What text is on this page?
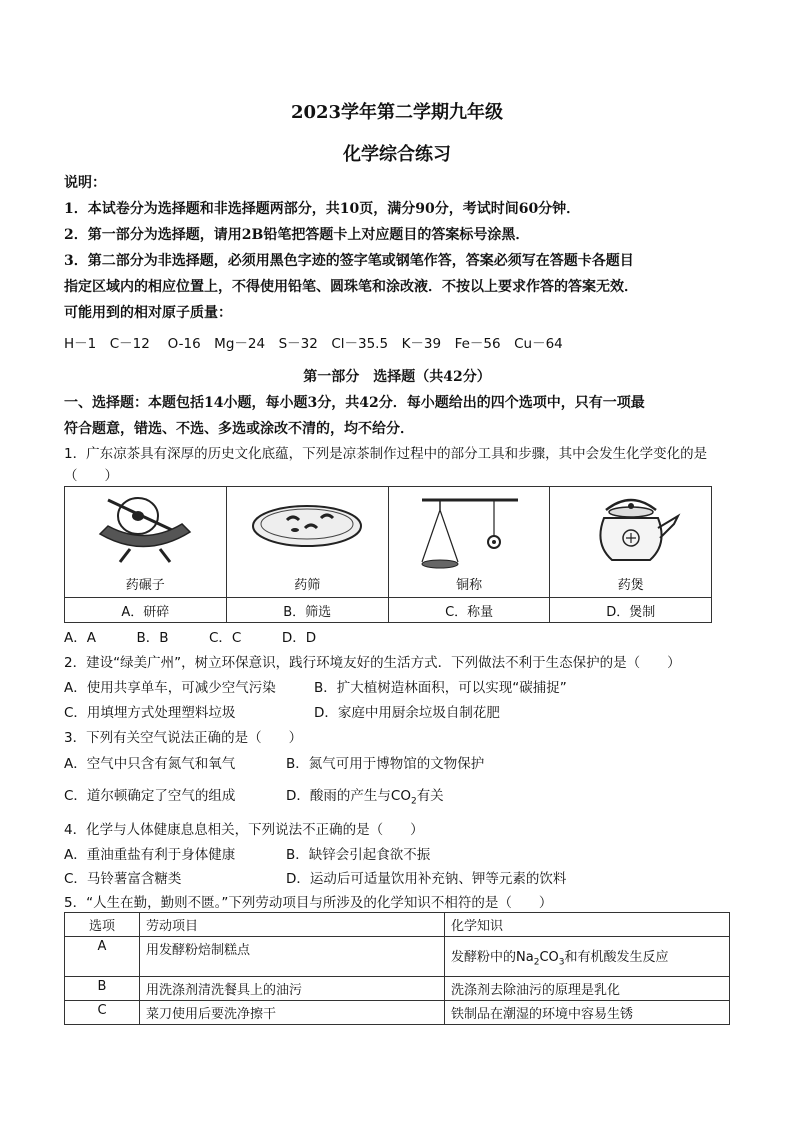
2023学年第二学期九年级
化学综合练习
说明：
1．本试卷分为选择题和非选择题两部分，共10页，满分90分，考试时间60分钟．
2．第一部分为选择题，请用2B铅笔把答题卡上对应题目的答案标号涂黑．
3．第二部分为非选择题，必须用黑色字迹的签字笔或钢笔作答，答案必须写在答题卡各题目
指定区域内的相应位置上，不得使用铅笔、圆珠笔和涂改液．不按以上要求作答的答案无效．
可能用到的相对原子质量：
H－1　C－12　 O-16　Mg－24　S－32　Cl－35.5　K－39　Fe－56　Cu－64
第一部分　选择题（共42分）
一、选择题：本题包括14小题，每小题3分，共42分．每小题给出的四个选项中，只有一项最
符合题意，错选、不选、多选或涂改不清的，均不给分．
1．广东凉茶具有深厚的历史文化底蕴，下列是凉茶制作过程中的部分工具和步骤，其中会发生化学变化的是
（　　）
药碾子	药筛	铜称	药煲

A．研碎	B．筛选	C．称量	D．煲制
A．A　　　B．B　　　C．C　　　D．D
2．建设“绿美广州”，树立环保意识，践行环境友好的生活方式．下列做法不利于生态保护的是（　　）
A．使用共享单车，可减少空气污染	B．扩大植树造林面积，可以实现“碳捕捉”
C．用填埋方式处理塑料垃圾	D．家庭中用厨余垃圾自制花肥
3．下列有关空气说法正确的是（　　）
A．空气中只含有氮气和氧气	B．氮气可用于博物馆的文物保护
C．道尔顿确定了空气的组成	D．酸雨的产生与$CO_2$有关
4．化学与人体健康息息相关，下列说法不正确的是（　　）
A．重油重盐有利于身体健康	B．缺锌会引起食欲不振
C．马铃薯富含糖类	D．运动后可适量饮用补充钠、钾等元素的饮料
5．“人生在勤，勤则不匮。”下列劳动项目与所涉及的化学知识不相符的是（　　）
选项	劳动项目	化学知识
A	用发酵粉焙制糕点	发酵粉中的$Na_2CO_3$和有机酸发生反应
B	用洗涤剂清洗餐具上的油污	洗涤剂去除油污的原理是乳化
C	菜刀使用后要洗净擦干	铁制品在潮湿的环境中容易生锈
